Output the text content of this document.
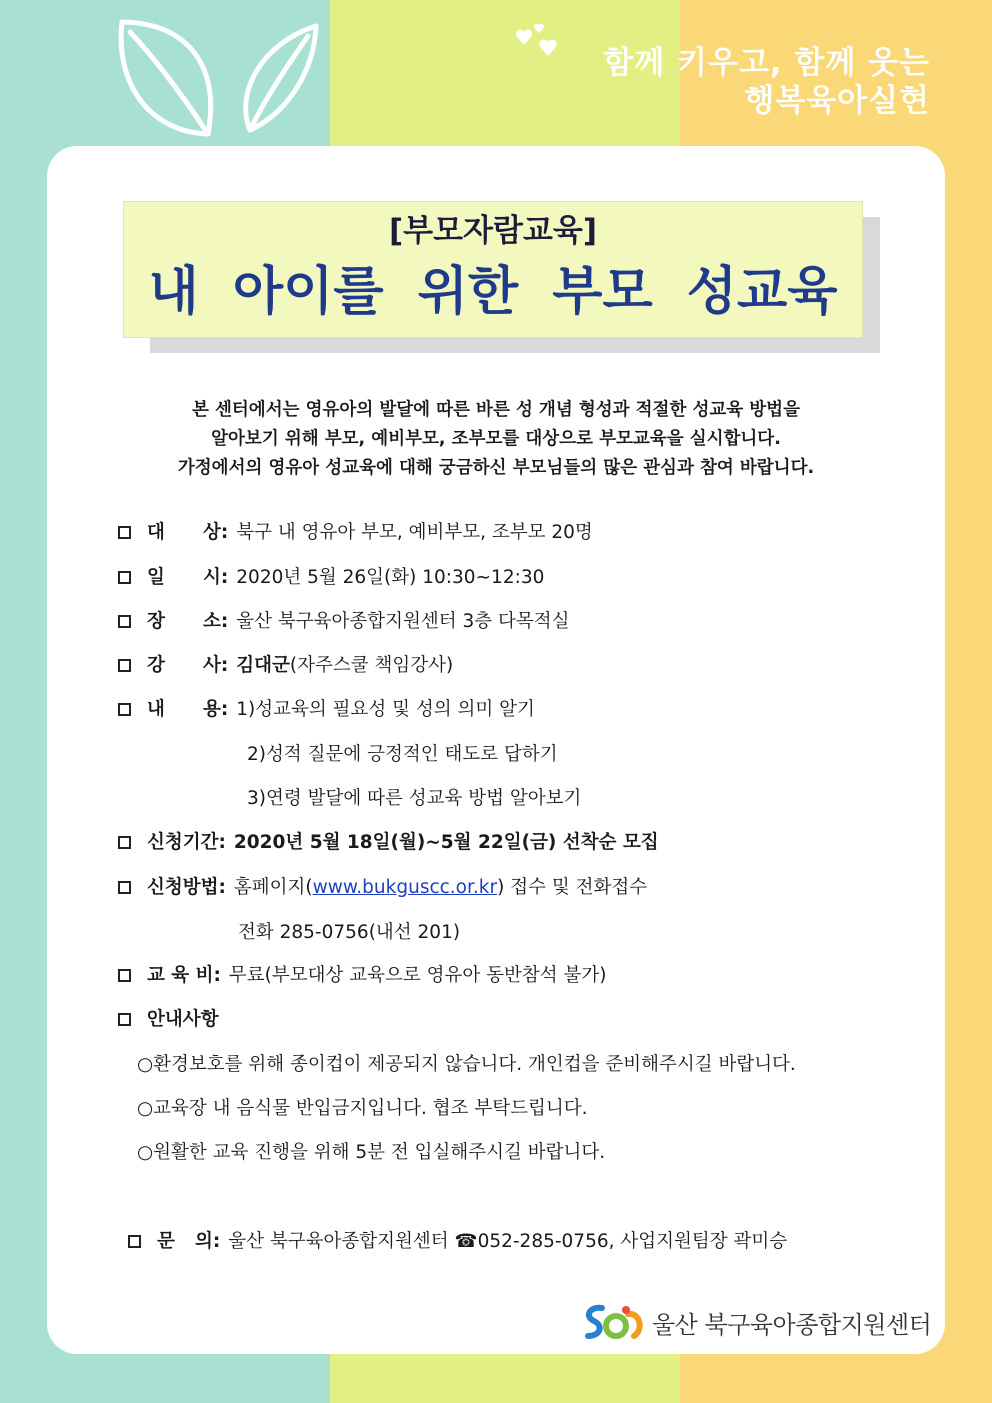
함께 키우고, 함께 웃는
행복육아실현
[부모자람교육]
내 아이를 위한 부모 성교육
본 센터에서는 영유아의 발달에 따른 바른 성 개념 형성과 적절한 성교육 방법을
알아보기 위해 부모, 예비부모, 조부모를 대상으로 부모교육을 실시합니다.
가정에서의 영유아 성교육에 대해 궁금하신 부모님들의 많은 관심과 참여 바랍니다.
대 상: 북구 내 영유아 부모, 예비부모, 조부모 20명
일 시: 2020년 5월 26일(화) 10:30~12:30
장 소: 울산 북구육아종합지원센터 3층 다목적실
강 사: 김대군(자주스쿨 책임강사)
내 용: 1)성교육의 필요성 및 성의 의미 알기
2)성적 질문에 긍정적인 태도로 답하기
3)연령 발달에 따른 성교육 방법 알아보기
신청기간: 2020년 5월 18일(월)~5월 22일(금) 선착순 모집
신청방법: 홈페이지(www.bukguscc.or.kr) 접수 및 전화접수
전화 285-0756(내선 201)
교 육 비: 무료(부모대상 교육으로 영유아 동반참석 불가)
안내사항
○환경보호를 위해 종이컵이 제공되지 않습니다. 개인컵을 준비해주시길 바랍니다.
○교육장 내 음식물 반입금지입니다. 협조 부탁드립니다.
○원활한 교육 진행을 위해 5분 전 입실해주시길 바랍니다.
문 의: 울산 북구육아종합지원센터 ☎052-285-0756, 사업지원팀장 곽미승
울산 북구육아종합지원센터
